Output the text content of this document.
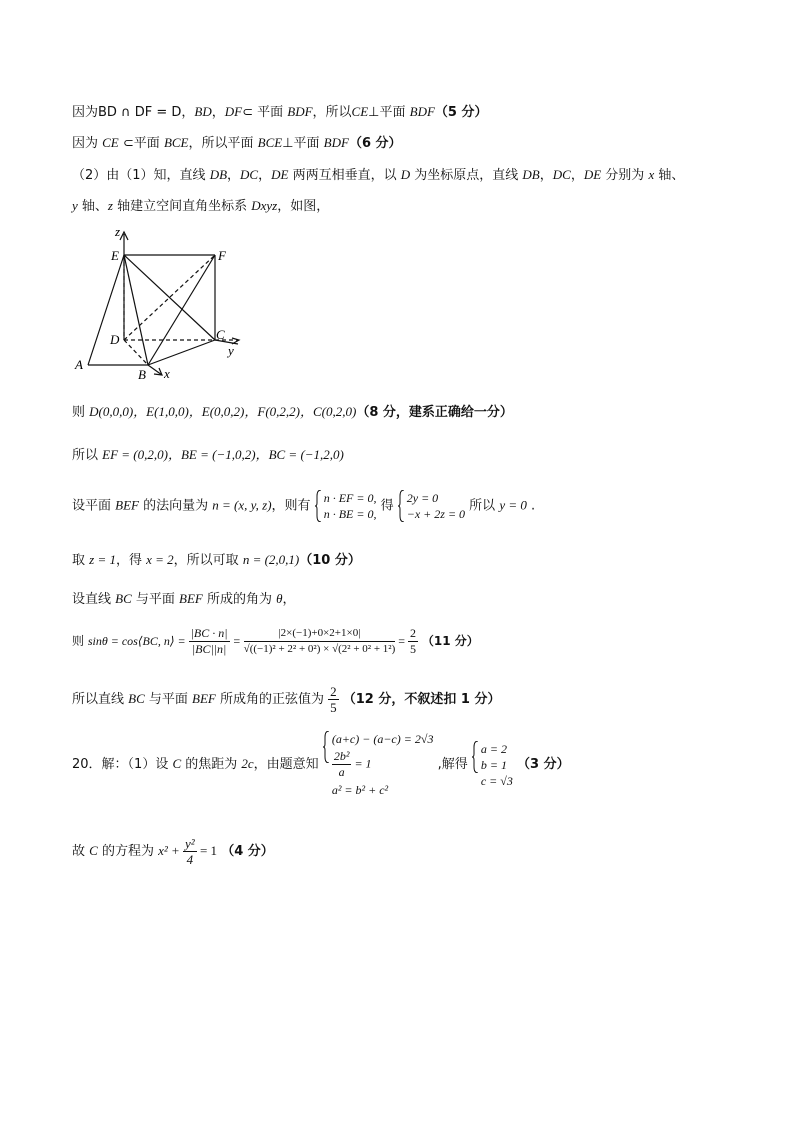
因为BD ∩ DF = D，BD，DF⊂ 平面 BDF，所以CE⊥平面 BDF（5 分）
因为 CE ⊂平面 BCE，所以平面 BCE⊥平面 BDF（6 分）
（2）由（1）知，直线 DB，DC，DE 两两互相垂直，以 D 为坐标原点，直线 DB，DC，DE 分别为 x 轴、
y 轴、z 轴建立空间直角坐标系 Dxyz，如图，
z
E	F
D	C
y
A
B x
则 D(0,0,0)，E(1,0,0)，E(0,0,2)，F(0,2,2)，C(0,2,0)（8 分，建系正确给一分）
所以 EF = (0,2,0)，BE = (−1,0,2)，BC = (−1,2,0)
设平面 BEF 的法向量为 n = (x, y, z)，则有
n · EF = 0,
n · BE = 0,
得
2y = 0
−x + 2z = 0
所以 y = 0 .
取 z = 1，得 x = 2，所以可取 n = (2,0,1)（10 分）
设直线 BC 与平面 BEF 所成的角为 θ，
则 sinθ = cos⟨BC, n⟩ = $\frac{|BC \cdot n|}{|BC||n|} = \frac{|2\times(-1)+0\times 2+1\times 0|}{\text{√((−1)² + 2² + 0²) × √(2² + 0² + 1²)}} = \frac{2}{5} (11$ 分）
所以直线 BC 与平面 BEF 所成角的正弦值为 $\frac{2}{5} (12$ 分，不叙述扣 1 分）
20．解：（1）设 C 的焦距为 2c，由题意知
(a+c) − (a−c) = 2√3
$\frac{\text{2b²}}{a} = 1$
a² = b² + c²
,解得
a = 2
b = 1
c = √3
（3 分）
故 C 的方程为 $x^2 + \frac{\text{y²}}{4} = 1$ （4 分）
